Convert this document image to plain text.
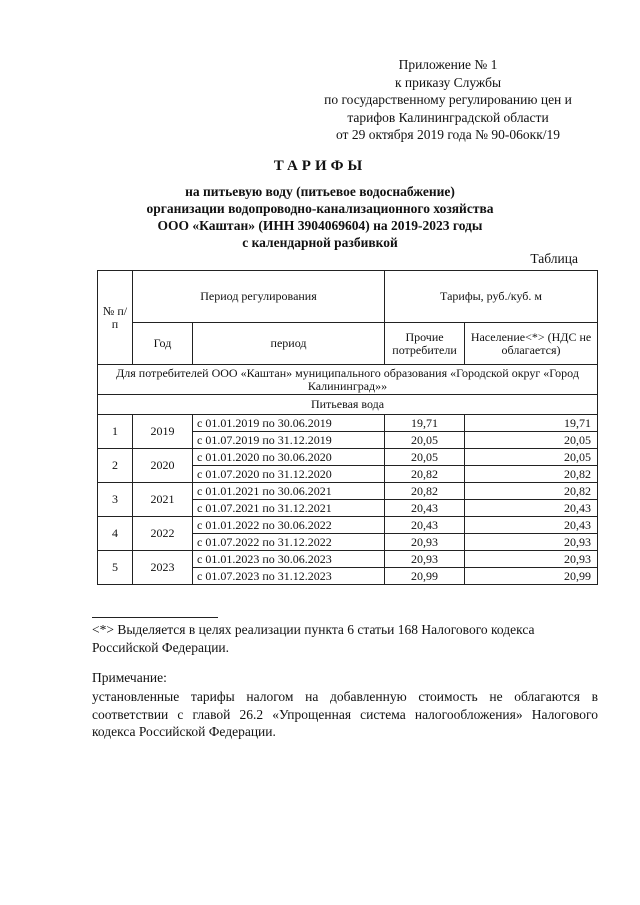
Приложение № 1
к приказу Службы
по государственному регулированию цен и
тарифов Калининградской области
от 29 октября 2019 года № 90-06окк/19
ТАРИФЫ
на питьевую воду (питьевое водоснабжение)
организации водопроводно-канализационного хозяйства
ООО «Каштан» (ИНН 3904069604) на 2019-2023 годы
с календарной разбивкой
Таблица
№ п/п	Период регулирования		Тарифы, руб./куб. м	
	Год	период	Прочие потребители	Население<*> (НДС не облагается)
Для потребителей ООО «Каштан» муниципального образования «Городской округ «Город Калининград»»				
Питьевая вода				
1	2019	с 01.01.2019 по 30.06.2019	19,71	19,71
		с 01.07.2019 по 31.12.2019	20,05	20,05
2	2020	с 01.01.2020 по 30.06.2020	20,05	20,05
		с 01.07.2020 по 31.12.2020	20,82	20,82
3	2021	с 01.01.2021 по 30.06.2021	20,82	20,82
		с 01.07.2021 по 31.12.2021	20,43	20,43
4	2022	с 01.01.2022 по 30.06.2022	20,43	20,43
		с 01.07.2022 по 31.12.2022	20,93	20,93
5	2023	с 01.01.2023 по 30.06.2023	20,93	20,93
		с 01.07.2023 по 31.12.2023	20,99	20,99
<*> Выделяется в целях реализации пункта 6 статьи 168 Налогового кодекса Российской Федерации.
Примечание:
установленные тарифы налогом на добавленную стоимость не облагаются в соответствии с главой 26.2 «Упрощенная система налогообложения» Налогового кодекса Российской Федерации.
